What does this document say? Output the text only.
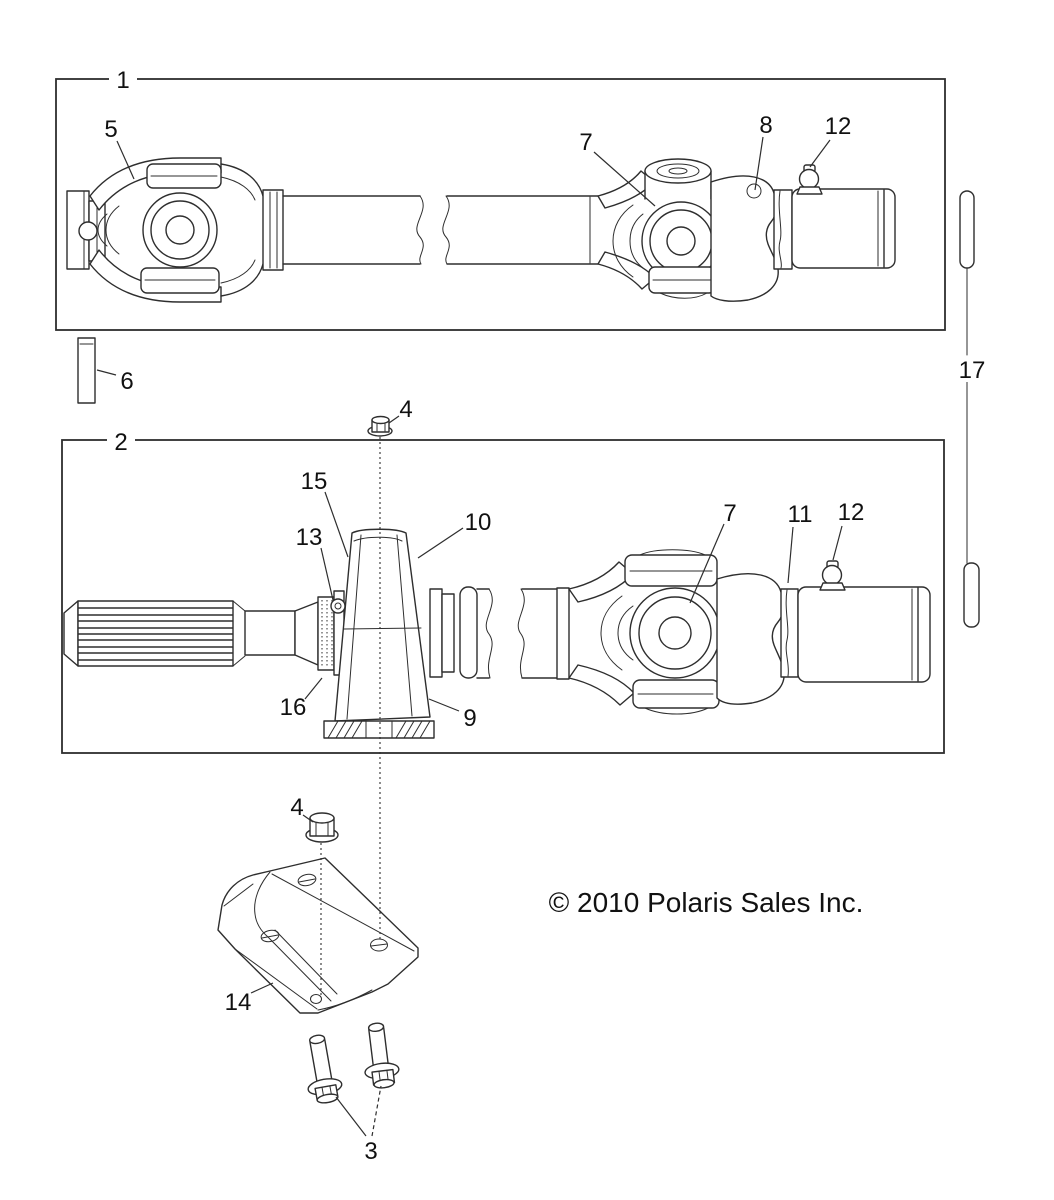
1
5	7
8 12
17
6
4
2
15
13
10
16	9
7 11 12
4
14
3
© 2010 Polaris Sales Inc.
